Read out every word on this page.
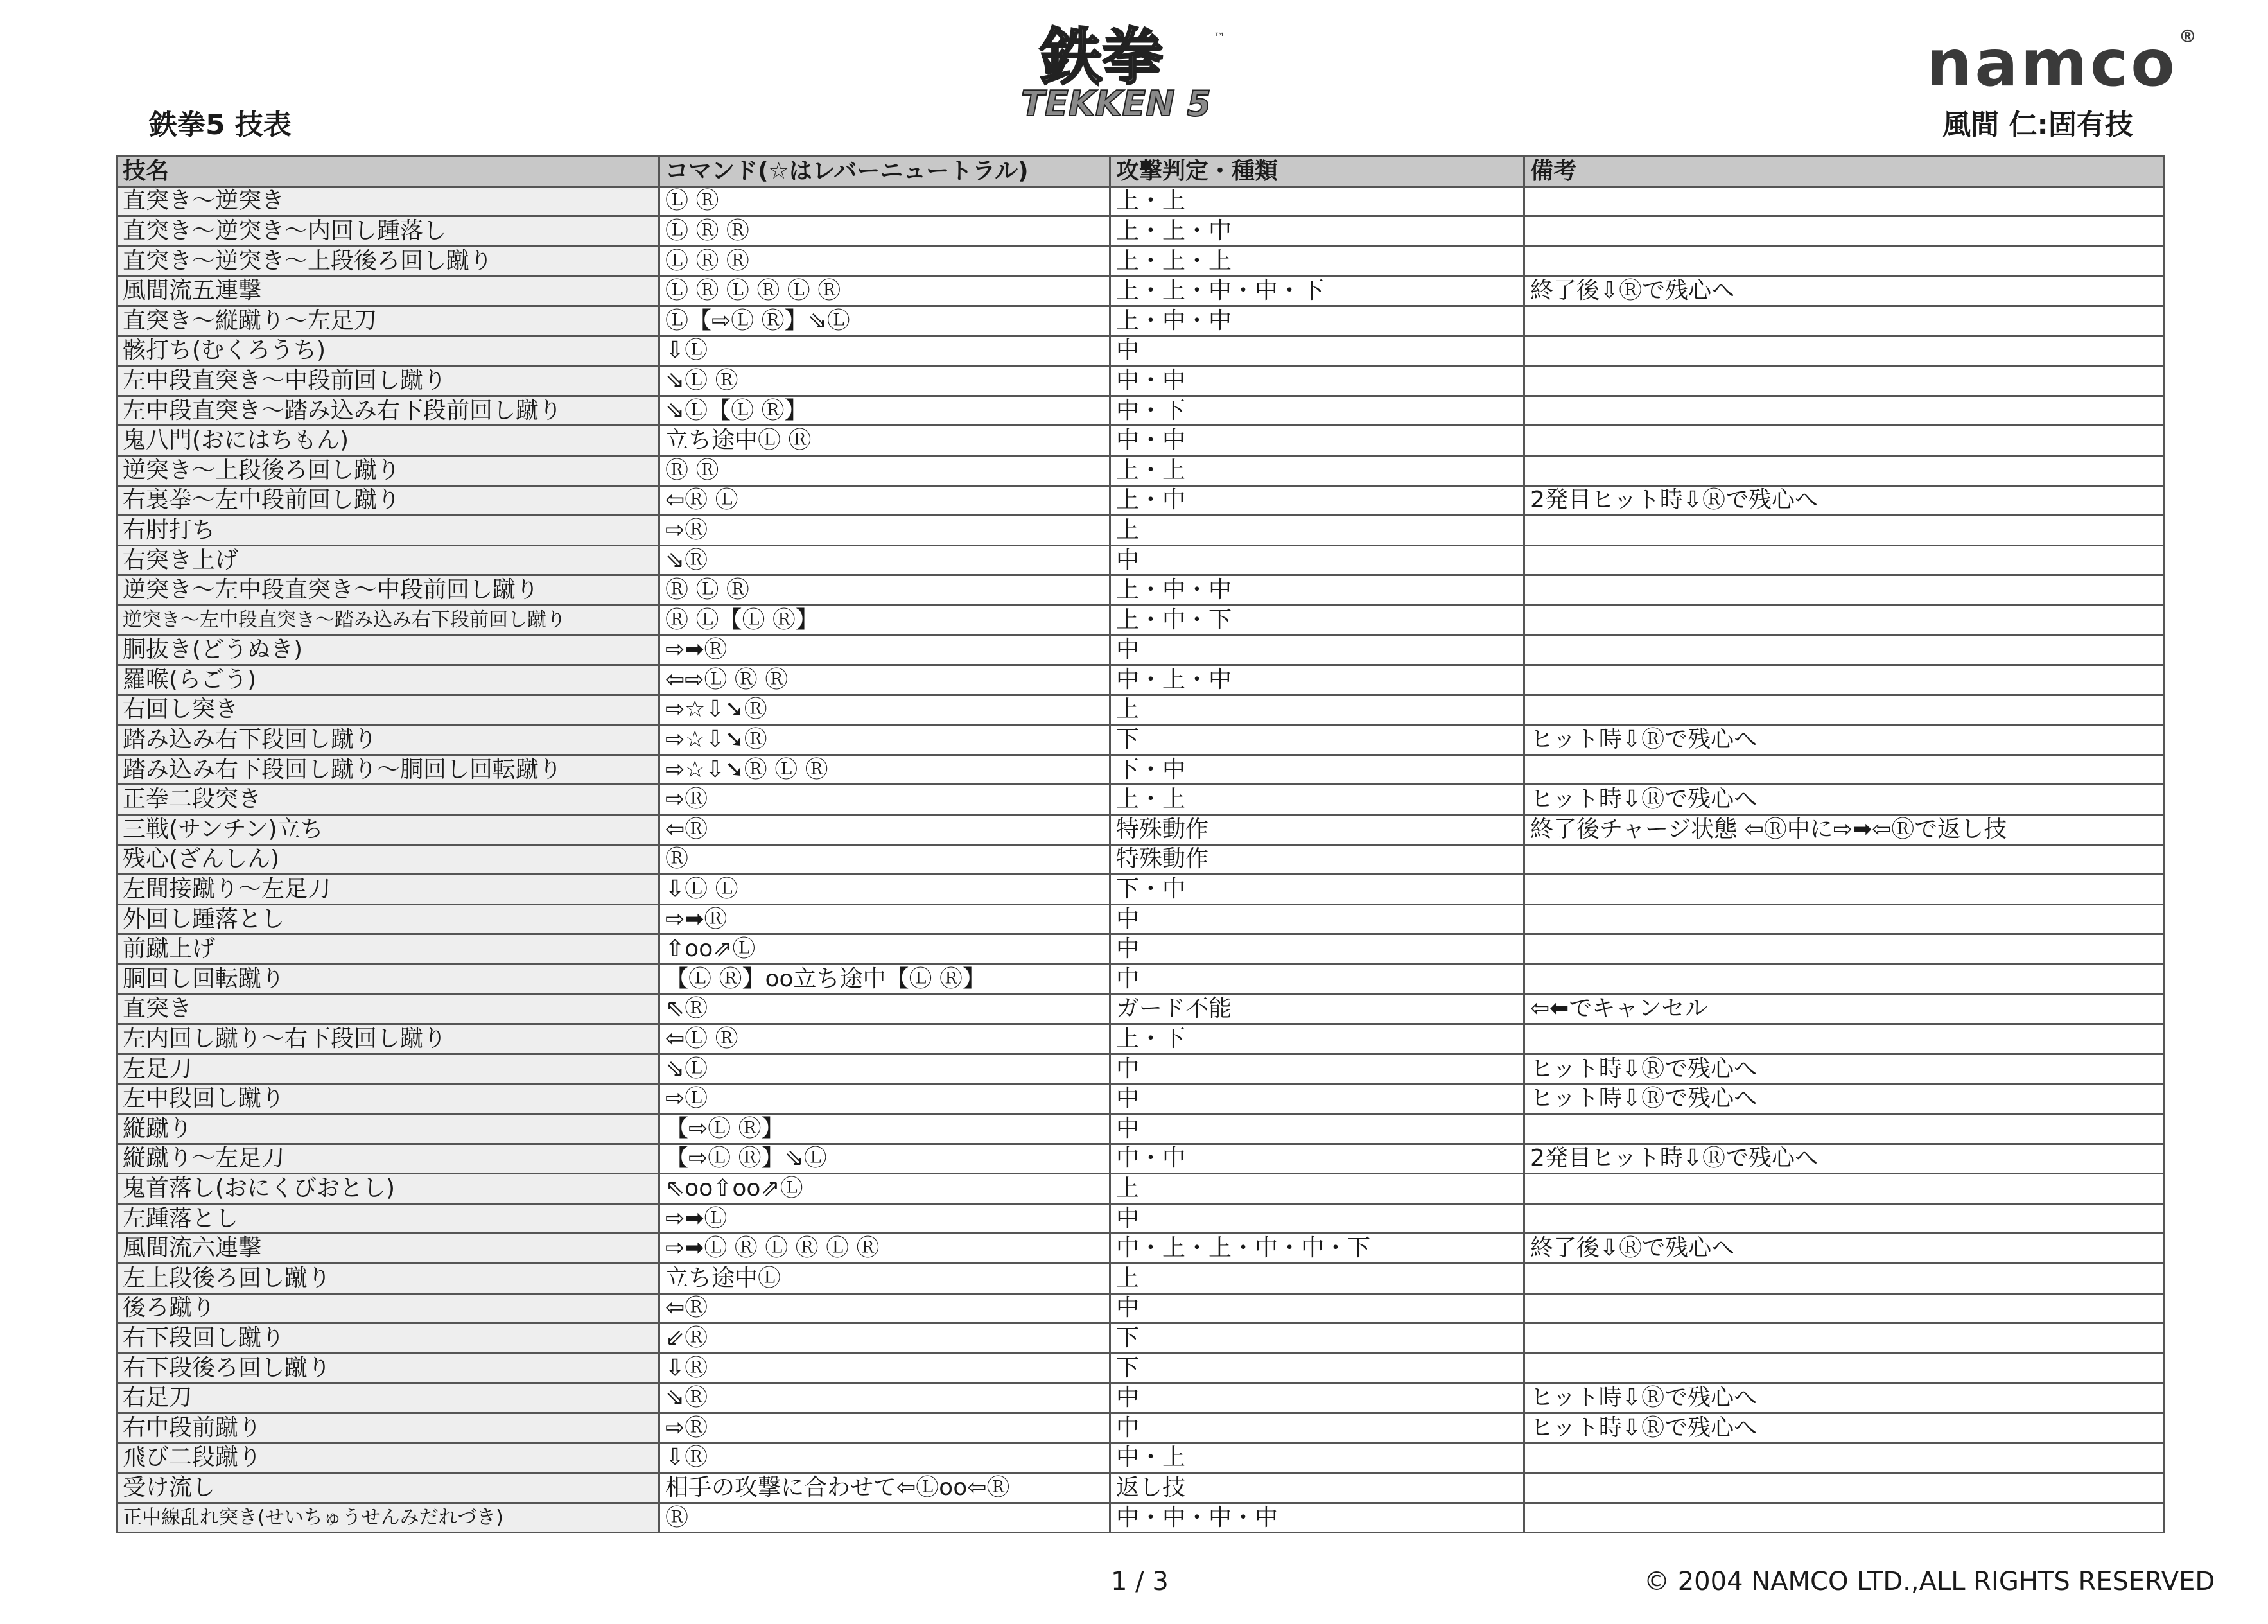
鉄拳	™
TEKKEN 5
namco®
鉄拳5 技表	風間 仁:固有技
技名	コマンド(☆はレバーニュートラル)	攻撃判定・種類	備考
直突き～逆突き	Ⓛ Ⓡ	上・上	
直突き～逆突き～内回し踵落し	Ⓛ Ⓡ Ⓡ	上・上・中	
直突き～逆突き～上段後ろ回し蹴り	Ⓛ Ⓡ Ⓡ	上・上・上	
風間流五連撃	Ⓛ Ⓡ Ⓛ Ⓡ Ⓛ Ⓡ	上・上・中・中・下	終了後⇩Ⓡで残心へ
直突き～縦蹴り～左足刀	Ⓛ【⇨Ⓛ Ⓡ】⇘Ⓛ	上・中・中	
骸打ち(むくろうち)	⇩Ⓛ	中	
左中段直突き～中段前回し蹴り	⇘Ⓛ Ⓡ	中・中	
左中段直突き～踏み込み右下段前回し蹴り	⇘Ⓛ【Ⓛ Ⓡ】	中・下	
鬼八門(おにはちもん)	立ち途中Ⓛ Ⓡ	中・中	
逆突き～上段後ろ回し蹴り	Ⓡ Ⓡ	上・上	
右裏拳～左中段前回し蹴り	⇦Ⓡ Ⓛ	上・中	2発目ヒット時⇩Ⓡで残心へ
右肘打ち	⇨Ⓡ	上	
右突き上げ	⇘Ⓡ	中	
逆突き～左中段直突き～中段前回し蹴り	Ⓡ Ⓛ Ⓡ	上・中・中	
逆突き～左中段直突き～踏み込み右下段前回し蹴り	Ⓡ Ⓛ【Ⓛ Ⓡ】	上・中・下	
胴抜き(どうぬき)	⇨➡Ⓡ	中	
羅喉(らごう)	⇦⇨Ⓛ Ⓡ Ⓡ	中・上・中	
右回し突き	⇨☆⇩➘Ⓡ	上	
踏み込み右下段回し蹴り	⇨☆⇩➘Ⓡ	下	ヒット時⇩Ⓡで残心へ
踏み込み右下段回し蹴り～胴回し回転蹴り	⇨☆⇩➘Ⓡ Ⓛ Ⓡ	下・中	
正拳二段突き	⇨Ⓡ	上・上	ヒット時⇩Ⓡで残心へ
三戦(サンチン)立ち	⇦Ⓡ	特殊動作	終了後チャージ状態 ⇦Ⓡ中に⇨➡⇦Ⓡで返し技
残心(ざんしん)	Ⓡ	特殊動作	
左間接蹴り～左足刀	⇩Ⓛ Ⓛ	下・中	
外回し踵落とし	⇨➡Ⓡ	中	
前蹴上げ	⇧oo⇗Ⓛ	中	
胴回し回転蹴り	【Ⓛ Ⓡ】oo立ち途中【Ⓛ Ⓡ】	中	
直突き	⇖Ⓡ	ガード不能	⇦⬅でキャンセル
左内回し蹴り～右下段回し蹴り	⇦Ⓛ Ⓡ	上・下	
左足刀	⇘Ⓛ	中	ヒット時⇩Ⓡで残心へ
左中段回し蹴り	⇨Ⓛ	中	ヒット時⇩Ⓡで残心へ
縦蹴り	【⇨Ⓛ Ⓡ】	中	
縦蹴り～左足刀	【⇨Ⓛ Ⓡ】⇘Ⓛ	中・中	2発目ヒット時⇩Ⓡで残心へ
鬼首落し(おにくびおとし)	⇖oo⇧oo⇗Ⓛ	上	
左踵落とし	⇨➡Ⓛ	中	
風間流六連撃	⇨➡Ⓛ Ⓡ Ⓛ Ⓡ Ⓛ Ⓡ	中・上・上・中・中・下	終了後⇩Ⓡで残心へ
左上段後ろ回し蹴り	立ち途中Ⓛ	上	
後ろ蹴り	⇦Ⓡ	中	
右下段回し蹴り	⇙Ⓡ	下	
右下段後ろ回し蹴り	⇩Ⓡ	下	
右足刀	⇘Ⓡ	中	ヒット時⇩Ⓡで残心へ
右中段前蹴り	⇨Ⓡ	中	ヒット時⇩Ⓡで残心へ
飛び二段蹴り	⇩Ⓡ	中・上	
受け流し	相手の攻撃に合わせて⇦Ⓛoo⇦Ⓡ	返し技	
正中線乱れ突き(せいちゅうせんみだれづき)	Ⓡ	中・中・中・中	
1 / 3	© 2004 NAMCO LTD.,ALL RIGHTS RESERVED
